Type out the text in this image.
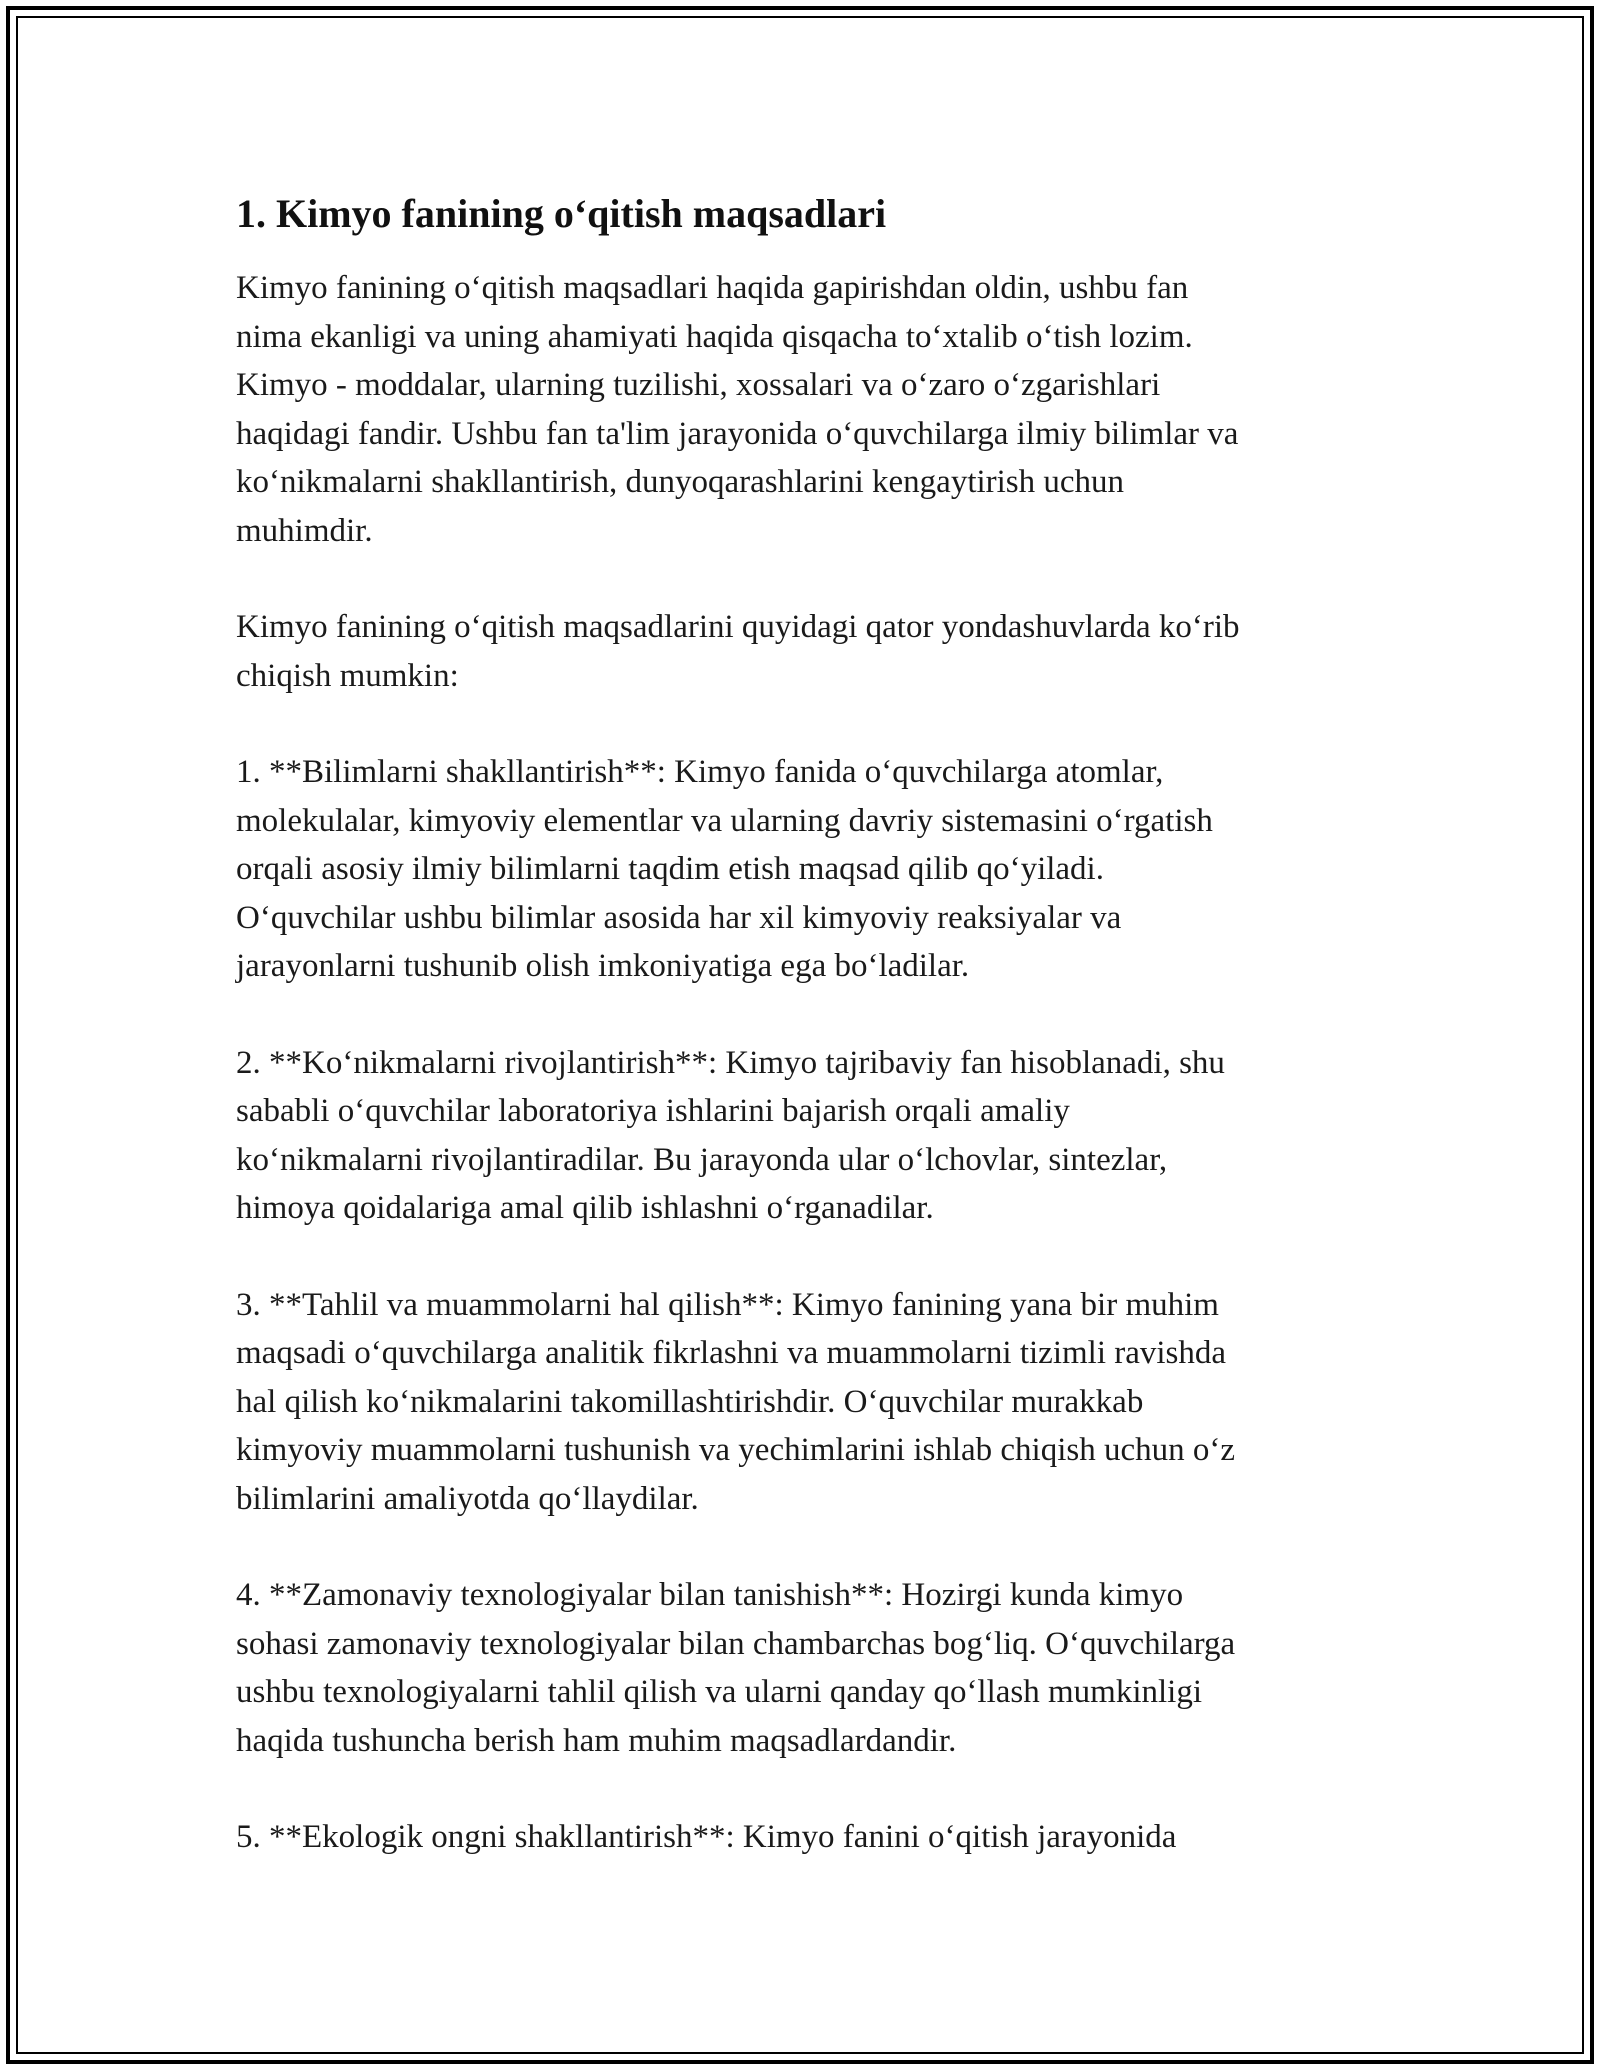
1. Kimyo fanining oʻqitish maqsadlari

Kimyo fanining oʻqitish maqsadlari haqida gapirishdan oldin, ushbu fan
nima ekanligi va uning ahamiyati haqida qisqacha toʻxtalib oʻtish lozim.
Kimyo - moddalar, ularning tuzilishi, xossalari va oʻzaro oʻzgarishlari
haqidagi fandir. Ushbu fan ta'lim jarayonida oʻquvchilarga ilmiy bilimlar va
koʻnikmalarni shakllantirish, dunyoqarashlarini kengaytirish uchun
muhimdir.

Kimyo fanining oʻqitish maqsadlarini quyidagi qator yondashuvlarda koʻrib
chiqish mumkin:

1. **Bilimlarni shakllantirish**: Kimyo fanida oʻquvchilarga atomlar,
molekulalar, kimyoviy elementlar va ularning davriy sistemasini oʻrgatish
orqali asosiy ilmiy bilimlarni taqdim etish maqsad qilib qoʻyiladi.
Oʻquvchilar ushbu bilimlar asosida har xil kimyoviy reaksiyalar va
jarayonlarni tushunib olish imkoniyatiga ega boʻladilar.

2. **Koʻnikmalarni rivojlantirish**: Kimyo tajribaviy fan hisoblanadi, shu
sababli oʻquvchilar laboratoriya ishlarini bajarish orqali amaliy
koʻnikmalarni rivojlantiradilar. Bu jarayonda ular oʻlchovlar, sintezlar,
himoya qoidalariga amal qilib ishlashni oʻrganadilar.

3. **Tahlil va muammolarni hal qilish**: Kimyo fanining yana bir muhim
maqsadi oʻquvchilarga analitik fikrlashni va muammolarni tizimli ravishda
hal qilish koʻnikmalarini takomillashtirishdir. Oʻquvchilar murakkab
kimyoviy muammolarni tushunish va yechimlarini ishlab chiqish uchun oʻz
bilimlarini amaliyotda qoʻllaydilar.

4. **Zamonaviy texnologiyalar bilan tanishish**: Hozirgi kunda kimyo
sohasi zamonaviy texnologiyalar bilan chambarchas bogʻliq. Oʻquvchilarga
ushbu texnologiyalarni tahlil qilish va ularni qanday qoʻllash mumkinligi
haqida tushuncha berish ham muhim maqsadlardandir.

5. **Ekologik ongni shakllantirish**: Kimyo fanini oʻqitish jarayonida
